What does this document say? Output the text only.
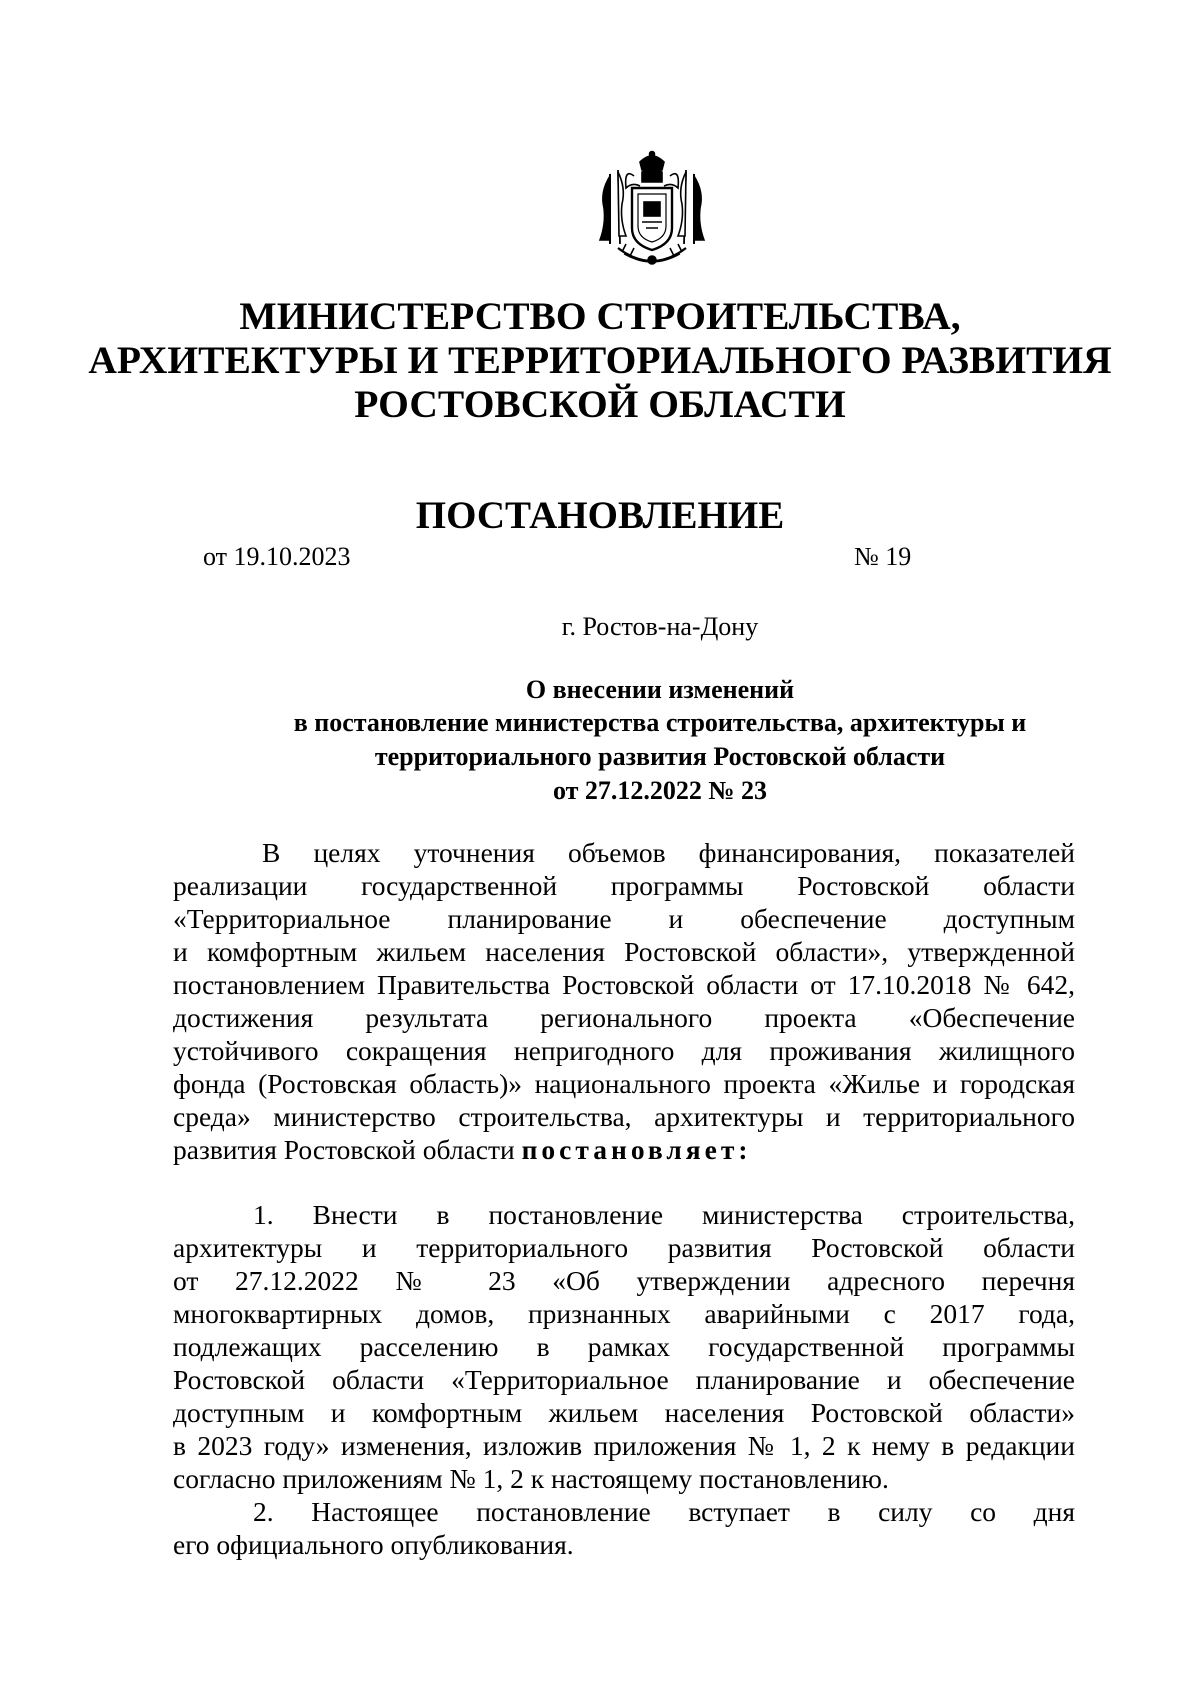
МИНИСТЕРСТВО СТРОИТЕЛЬСТВА,
АРХИТЕКТУРЫ И ТЕРРИТОРИАЛЬНОГО РАЗВИТИЯ
РОСТОВСКОЙ ОБЛАСТИ
ПОСТАНОВЛЕНИЕ
от 19.10.2023	№ 19
г. Ростов-на-Дону
О внесении изменений
в постановление министерства строительства, архитектуры и
территориального развития Ростовской области
от 27.12.2022 № 23
В целях уточнения объемов финансирования, показателей
реализации государственной программы Ростовской области
«Территориальное планирование и обеспечение доступным
и комфортным жильем населения Ростовской области», утвержденной
постановлением Правительства Ростовской области от 17.10.2018 № 642,
достижения результата регионального проекта «Обеспечение
устойчивого сокращения непригодного для проживания жилищного
фонда (Ростовская область)» национального проекта «Жилье и городская
среда» министерство строительства, архитектуры и территориального
развития Ростовской области постановляет:
1. Внести в постановление министерства строительства,
архитектуры и территориального развития Ростовской области
от 27.12.2022 № 23 «Об утверждении адресного перечня
многоквартирных домов, признанных аварийными с 2017 года,
подлежащих расселению в рамках государственной программы
Ростовской области «Территориальное планирование и обеспечение
доступным и комфортным жильем населения Ростовской области»
в 2023 году» изменения, изложив приложения № 1, 2 к нему в редакции
согласно приложениям № 1, 2 к настоящему постановлению.
2. Настоящее постановление вступает в силу со дня
его официального опубликования.
